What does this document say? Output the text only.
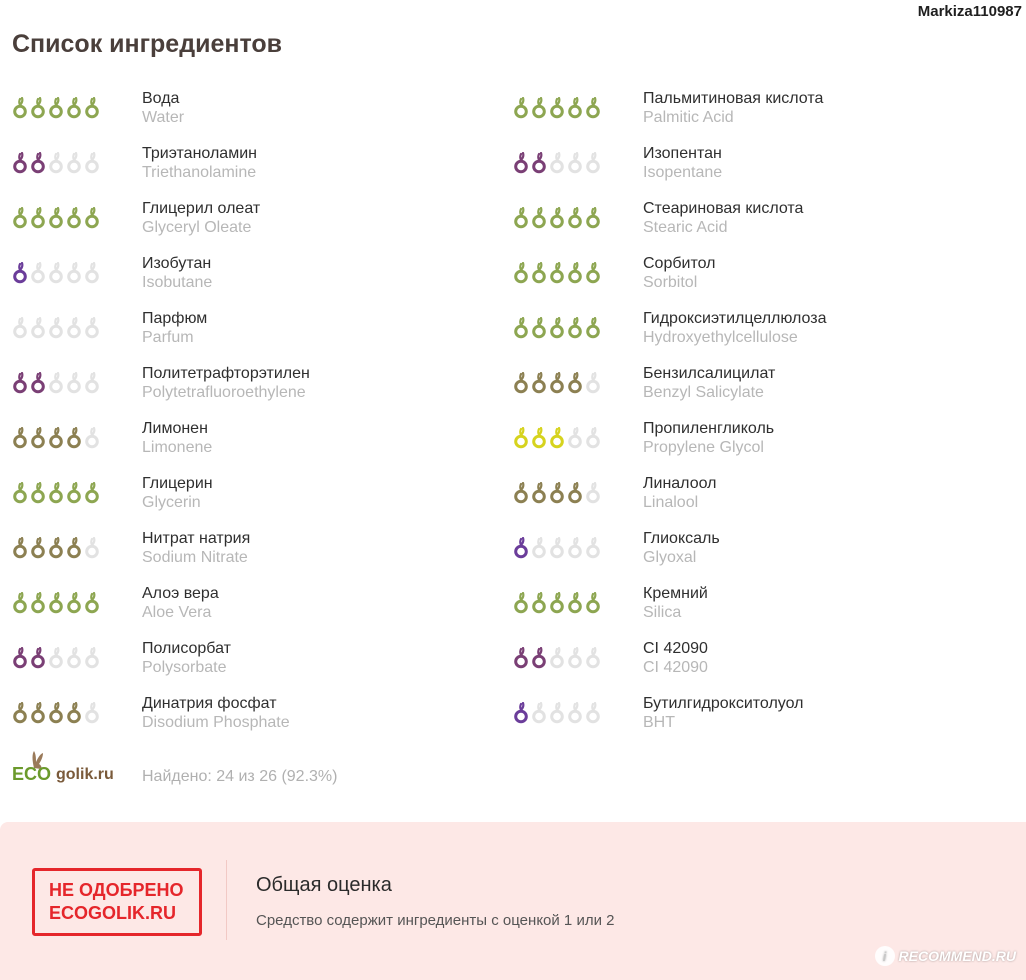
Markiza110987
Список ингредиентов
Вода
Water
Триэтаноламин
Triethanolamine
Глицерил олеат
Glyceryl Oleate
Изобутан
Isobutane
Парфюм
Parfum
Политетрафторэтилен
Polytetrafluoroethylene
Лимонен
Limonene
Глицерин
Glycerin
Нитрат натрия
Sodium Nitrate
Алоэ вера
Aloe Vera
Полисорбат
Polysorbate
Динатрия фосфат
Disodium Phosphate
Пальмитиновая кислота
Palmitic Acid
Изопентан
Isopentane
Стеариновая кислота
Stearic Acid
Сорбитол
Sorbitol
Гидроксиэтилцеллюлоза
Hydroxyethylcellulose
Бензилсалицилат
Benzyl Salicylate
Пропиленгликоль
Propylene Glycol
Линалоол
Linalool
Глиоксаль
Glyoxal
Кремний
Silica
CI 42090
CI 42090
Бутилгидрокситолуол
BHT
ECO golik.ru Найдено: 24 из 26 (92.3%)
НЕ ОДОБРЕНО
ECOGOLIK.RU
Общая оценка
Средство содержит ингредиенты с оценкой 1 или 2
i RECOMMEND.RU
